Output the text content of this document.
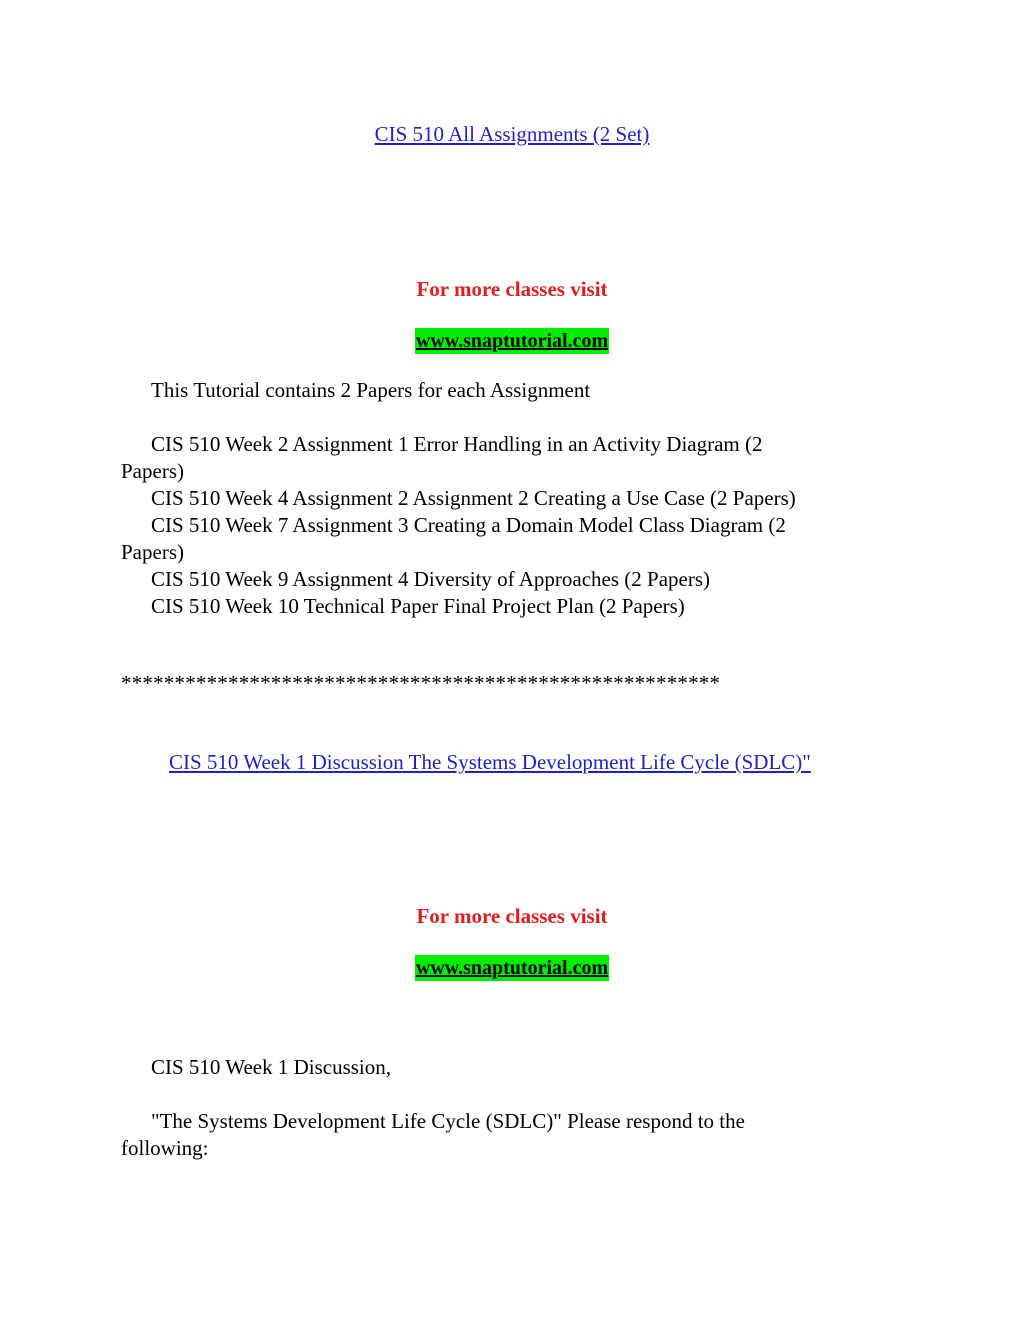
CIS 510 All Assignments (2 Set)
For more classes visit
www.snaptutorial.com
This Tutorial contains 2 Papers for each Assignment
CIS 510 Week 2 Assignment 1 Error Handling in an Activity Diagram (2
Papers)
CIS 510 Week 4 Assignment 2 Assignment 2 Creating a Use Case (2 Papers)
CIS 510 Week 7 Assignment 3 Creating a Domain Model Class Diagram (2
Papers)
CIS 510 Week 9 Assignment 4 Diversity of Approaches (2 Papers)
CIS 510 Week 10 Technical Paper Final Project Plan (2 Papers)
********************************************************
CIS 510 Week 1 Discussion The Systems Development Life Cycle (SDLC)"
For more classes visit
www.snaptutorial.com
CIS 510 Week 1 Discussion,
"The Systems Development Life Cycle (SDLC)" Please respond to the
following:
